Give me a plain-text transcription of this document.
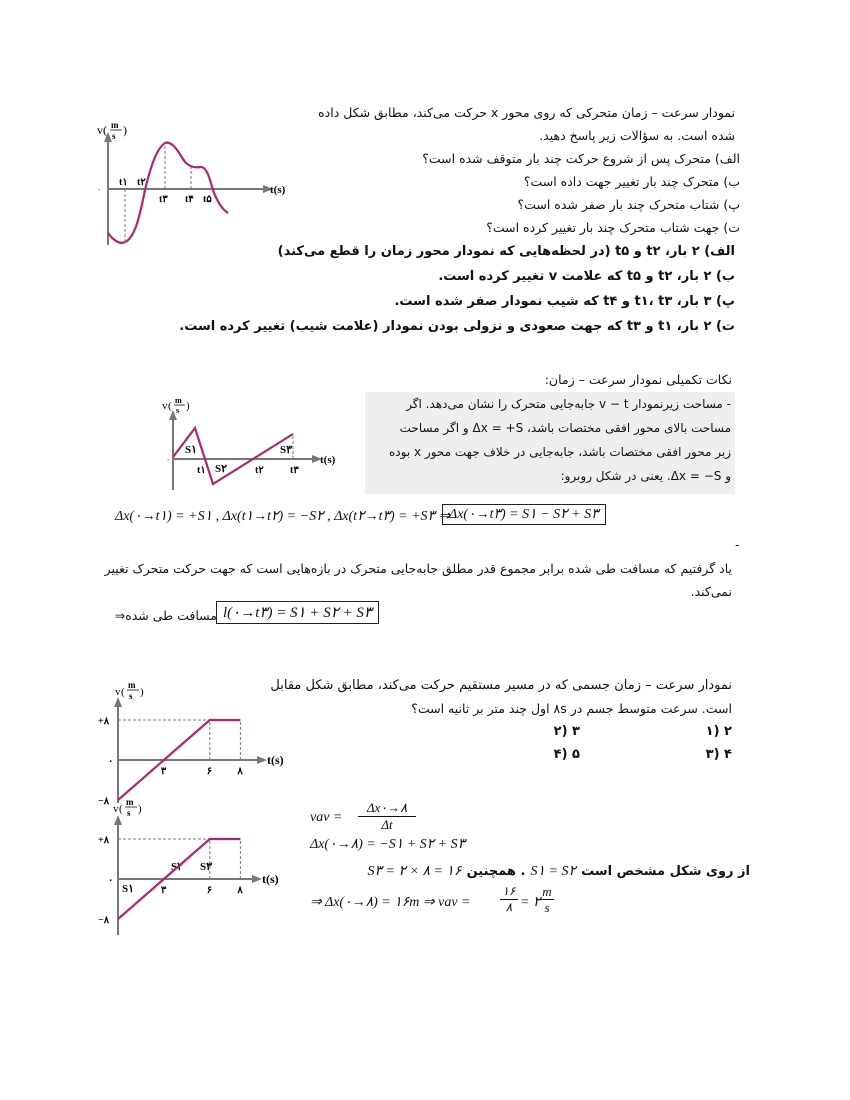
نمودار سرعت – زمان متحرکی که روی محور x حرکت می‌کند، مطابق شکل داده
شده است. به سؤالات زیر پاسخ دهید.
الف) متحرک پس از شروع حرکت چند بار متوقف شده است؟
ب) متحرک چند بار تغییر جهت داده است؟
پ) شتاب متحرک چند بار صفر شده است؟
ت) جهت شتاب متحرک چند بار تغییر کرده است؟
الف) ۲ بار، t۲ و t۵ (در لحظه‌هایی که نمودار محور زمان را قطع می‌کند)
ب) ۲ بار، t۲ و t۵ که علامت v تغییر کرده است.
پ) ۳ بار، t۱، t۳ و t۴ که شیب نمودار صفر شده است.
ت) ۲ بار، t۱ و t۳ که جهت صعودی و نزولی بودن نمودار (علامت شیب) تغییر کرده است.
v ( m
s )
t(s)
۰
t۱ t۲
t۳ t۴ t۵
نکات تکمیلی نمودار سرعت – زمان:
- مساحت زیرنمودار v − t جابه‌جایی متحرک را نشان می‌دهد. اگر
مساحت بالای محور افقی مختصات باشد، Δx = +S و اگر مساحت
زیر محور افقی مختصات باشد، جابه‌جایی در خلاف جهت محور x بوده
و Δx = −S. یعنی در شکل روبرو:
v ( m
s )
t(s)
۰
S۱
S۲
S۳
t۱	t۲	t۳
Δx(۰→t۱) = +S۱ , Δx(t۱→t۲) = −S۲ , Δx(t۲→t۳) = +S۳ ⇒
Δx(۰→t۳) = S۱ − S۲ + S۳
-
یاد گرفتیم که مسافت طی شده برابر مجموع قدر مطلق جابه‌جایی متحرک در بازه‌هایی است که جهت حرکت متحرک تغییر
نمی‌کند.
مسافت طی شده⇒ l(۰→t۳) = S۱ + S۲ + S۳
نمودار سرعت – زمان جسمی که در مسیر مستقیم حرکت می‌کند، مطابق شکل مقابل
است. سرعت متوسط جسم در ۸s اول چند متر بر ثانیه است؟
۱) ۲
۲) ۳
۳) ۴
۴) ۵
v (
m
s )
t(s)
+۸
۰
−۸
۳	۶	۸
v (
m
s )
t(s)
S۱
S۲ S۳
+۸
۰
−۸
۳	۶	۸
vav = $\frac{\Delta x۰\to ۸}{\Delta t}$
Δx(۰→۸) = −S۱ + S۲ + S۳
از روی شکل مشخص است S۱ = S۲ . همچنین S۳ = ۲ × ۸ = ۱۶
⇒ Δx(۰→۸) = ۱۶m ⇒ vav =
۱۶
۸ = ۲ $\frac{m}{s}$
